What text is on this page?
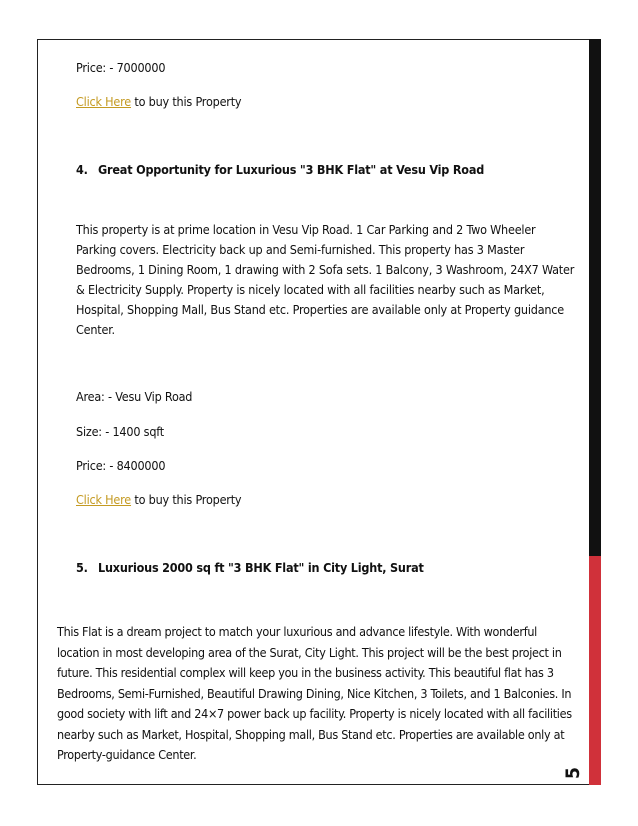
Price: - 7000000
Click Here to buy this Property
4. Great Opportunity for Luxurious "3 BHK Flat" at Vesu Vip Road
This property is at prime location in Vesu Vip Road. 1 Car Parking and 2 Two Wheeler Parking covers. Electricity back up and Semi-furnished. This property has 3 Master Bedrooms, 1 Dining Room, 1 drawing with 2 Sofa sets. 1 Balcony, 3 Washroom, 24X7 Water & Electricity Supply. Property is nicely located with all facilities nearby such as Market, Hospital, Shopping Mall, Bus Stand etc. Properties are available only at Property guidance Center.
Area: - Vesu Vip Road
Size: - 1400 sqft
Price: - 8400000
Click Here to buy this Property
5. Luxurious 2000 sq ft "3 BHK Flat" in City Light, Surat
This Flat is a dream project to match your luxurious and advance lifestyle. With wonderful location in most developing area of the Surat, City Light. This project will be the best project in future. This residential complex will keep you in the business activity. This beautiful flat has 3 Bedrooms, Semi-Furnished, Beautiful Drawing Dining, Nice Kitchen, 3 Toilets, and 1 Balconies. In good society with lift and 24×7 power back up facility. Property is nicely located with all facilities nearby such as Market, Hospital, Shopping mall, Bus Stand etc. Properties are available only at Property-guidance Center.
5
